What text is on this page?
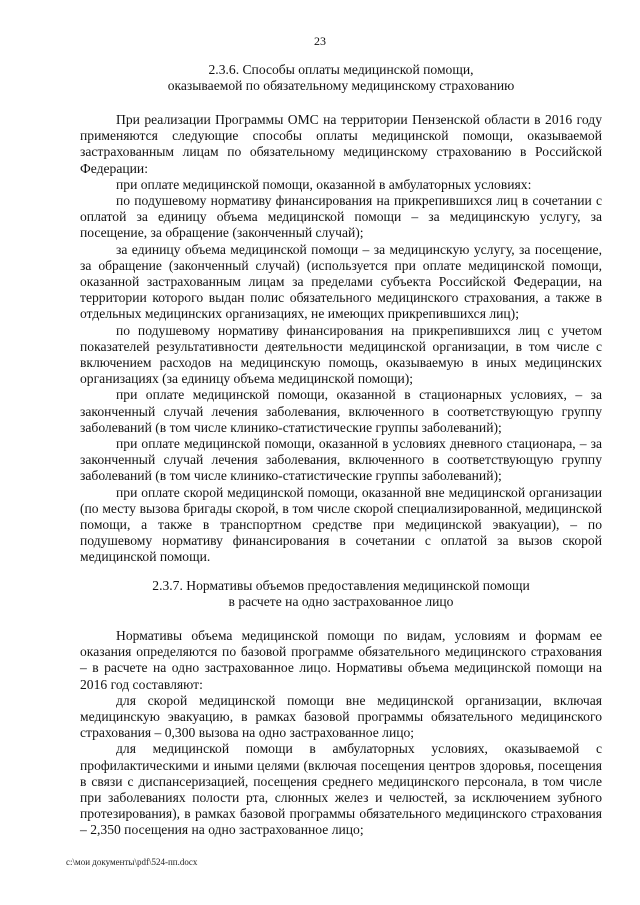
23
2.3.6. Способы оплаты медицинской помощи,
оказываемой по обязательному медицинскому страхованию

При реализации Программы ОМС на территории Пензенской области в 2016 году применяются следующие способы оплаты медицинской помощи, оказываемой застрахованным лицам по обязательному медицинскому страхованию в Российской Федерации:

при оплате медицинской помощи, оказанной в амбулаторных условиях:

по подушевому нормативу финансирования на прикрепившихся лиц в сочетании с оплатой за единицу объема медицинской помощи – за медицинскую услугу, за посещение, за обращение (законченный случай);

за единицу объема медицинской помощи – за медицинскую услугу, за посещение, за обращение (законченный случай) (используется при оплате медицинской помощи, оказанной застрахованным лицам за пределами субъекта Российской Федерации, на территории которого выдан полис обязательного медицинского страхования, а также в отдельных медицинских организациях, не имеющих прикрепившихся лиц);

по подушевому нормативу финансирования на прикрепившихся лиц с учетом показателей результативности деятельности медицинской организации, в том числе с включением расходов на медицинскую помощь, оказываемую в иных медицинских организациях (за единицу объема медицинской помощи);

при оплате медицинской помощи, оказанной в стационарных условиях, – за законченный случай лечения заболевания, включенного в соответствующую группу заболеваний (в том числе клинико-статистические группы заболеваний);

при оплате медицинской помощи, оказанной в условиях дневного стационара, – за законченный случай лечения заболевания, включенного в соответствующую группу заболеваний (в том числе клинико-статистические группы заболеваний);

при оплате скорой медицинской помощи, оказанной вне медицинской организации (по месту вызова бригады скорой, в том числе скорой специализированной, медицинской помощи, а также в транспортном средстве при медицинской эвакуации), – по подушевому нормативу финансирования в сочетании с оплатой за вызов скорой медицинской помощи.

2.3.7. Нормативы объемов предоставления медицинской помощи
в расчете на одно застрахованное лицо

Нормативы объема медицинской помощи по видам, условиям и формам ее оказания определяются по базовой программе обязательного медицинского страхования – в расчете на одно застрахованное лицо. Нормативы объема медицинской помощи на 2016 год составляют:

для скорой медицинской помощи вне медицинской организации, включая медицинскую эвакуацию, в рамках базовой программы обязательного медицинского страхования – 0,300 вызова на одно застрахованное лицо;

для медицинской помощи в амбулаторных условиях, оказываемой с профилактическими и иными целями (включая посещения центров здоровья, посещения в связи с диспансеризацией, посещения среднего медицинского персонала, в том числе при заболеваниях полости рта, слюнных желез и челюстей, за исключением зубного протезирования), в рамках базовой программы обязательного медицинского страхования – 2,350 посещения на одно застрахованное лицо;

c:\мои документы\pdf\524-пп.docx
